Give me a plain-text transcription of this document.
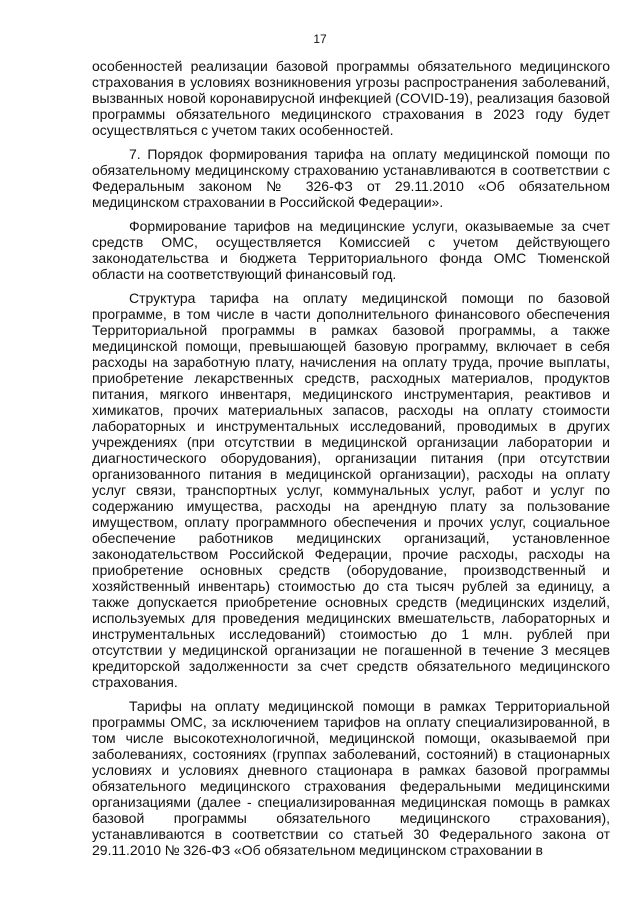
17

особенностей реализации базовой программы обязательного медицинского страхования в условиях возникновения угрозы распространения заболеваний, вызванных новой коронавирусной инфекцией (COVID-19), реализация базовой программы обязательного медицинского страхования в 2023 году будет осуществляться с учетом таких особенностей.

7. Порядок формирования тарифа на оплату медицинской помощи по обязательному медицинскому страхованию устанавливаются в соответствии с Федеральным законом № 326-ФЗ от 29.11.2010 «Об обязательном медицинском страховании в Российской Федерации».

Формирование тарифов на медицинские услуги, оказываемые за счет средств ОМС, осуществляется Комиссией с учетом действующего законодательства и бюджета Территориального фонда ОМС Тюменской области на соответствующий финансовый год.

Структура тарифа на оплату медицинской помощи по базовой программе, в том числе в части дополнительного финансового обеспечения Территориальной программы в рамках базовой программы, а также медицинской помощи, превышающей базовую программу, включает в себя расходы на заработную плату, начисления на оплату труда, прочие выплаты, приобретение лекарственных средств, расходных материалов, продуктов питания, мягкого инвентаря, медицинского инструментария, реактивов и химикатов, прочих материальных запасов, расходы на оплату стоимости лабораторных и инструментальных исследований, проводимых в других учреждениях (при отсутствии в медицинской организации лаборатории и диагностического оборудования), организации питания (при отсутствии организованного питания в медицинской организации), расходы на оплату услуг связи, транспортных услуг, коммунальных услуг, работ и услуг по содержанию имущества, расходы на арендную плату за пользование имуществом, оплату программного обеспечения и прочих услуг, социальное обеспечение работников медицинских организаций, установленное законодательством Российской Федерации, прочие расходы, расходы на приобретение основных средств (оборудование, производственный и хозяйственный инвентарь) стоимостью до ста тысяч рублей за единицу, а также допускается приобретение основных средств (медицинских изделий, используемых для проведения медицинских вмешательств, лабораторных и инструментальных исследований) стоимостью до 1 млн. рублей при отсутствии у медицинской организации не погашенной в течение 3 месяцев кредиторской задолженности за счет средств обязательного медицинского страхования.

Тарифы на оплату медицинской помощи в рамках Территориальной программы ОМС, за исключением тарифов на оплату специализированной, в том числе высокотехнологичной, медицинской помощи, оказываемой при заболеваниях, состояниях (группах заболеваний, состояний) в стационарных условиях и условиях дневного стационара в рамках базовой программы обязательного медицинского страхования федеральными медицинскими организациями (далее - специализированная медицинская помощь в рамках базовой программы обязательного медицинского страхования), устанавливаются в соответствии со статьей 30 Федерального закона от 29.11.2010 № 326-ФЗ «Об обязательном медицинском страховании в
